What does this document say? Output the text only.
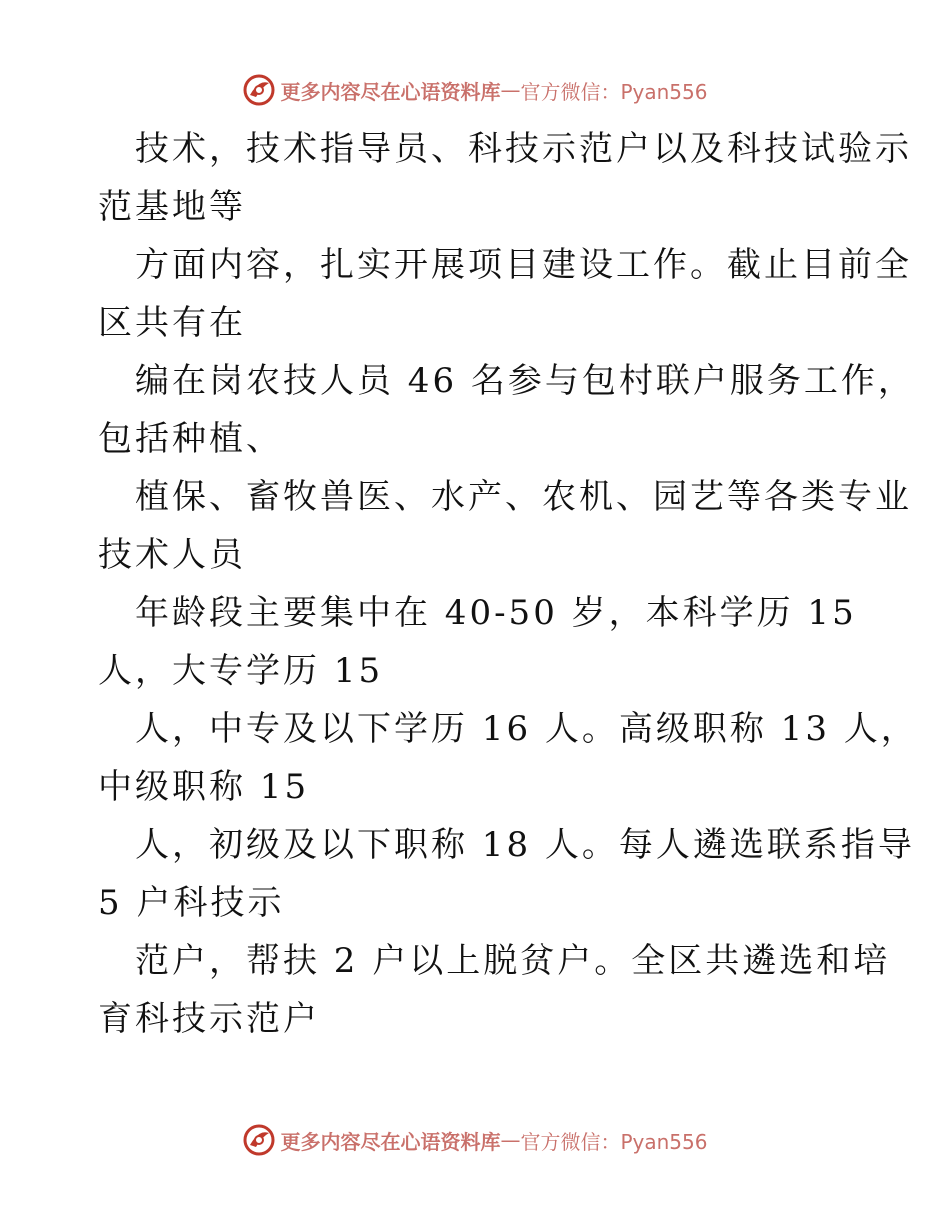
更多内容尽在心语资料库 — 官方微信：Pyan556
技术，技术指导员、科技示范户以及科技试验示
范基地等
方面内容，扎实开展项目建设工作。截止目前全
区共有在
编在岗农技人员 46 名参与包村联户服务工作，
包括种植、
植保、畜牧兽医、水产、农机、园艺等各类专业
技术人员
年龄段主要集中在 40-50 岁，本科学历 15
人，大专学历 15
人，中专及以下学历 16 人。高级职称 13 人，
中级职称 15
人，初级及以下职称 18 人。每人遴选联系指导
5 户科技示
范户，帮扶 2 户以上脱贫户。全区共遴选和培
育科技示范户
更多内容尽在心语资料库 — 官方微信：Pyan556
